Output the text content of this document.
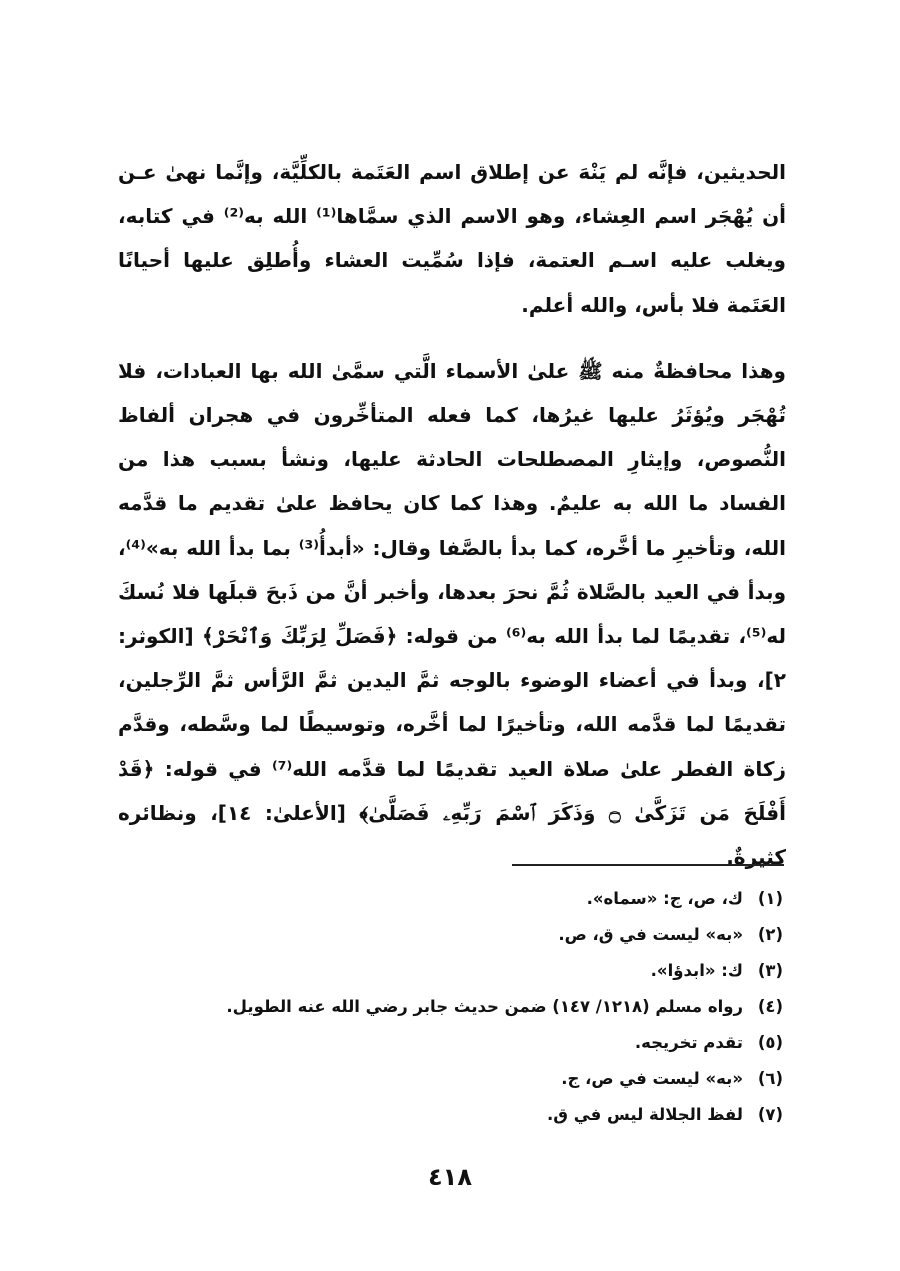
الحديثين، فإنَّه لم يَنْهَ عن إطلاق اسم العَتَمة بالكلِّيَّة، وإنَّما نهىٰ عـن أن يُهْجَر اسم العِشاء، وهو الاسم الذي سمَّاها⁽¹⁾ الله به⁽²⁾ في كتابه، ويغلب عليه اسـم العتمة، فإذا سُمِّيت العشاء وأُطلِق عليها أحيانًا العَتَمة فلا بأس، والله أعلم.

وهذا محافظةٌ منه ﷺ علىٰ الأسماء الَّتي سمَّىٰ الله بها العبادات، فلا تُهْجَر ويُؤثَرُ عليها غيرُها، كما فعله المتأخِّرون في هجران ألفاظ النُّصوص، وإيثارِ المصطلحات الحادثة عليها، ونشأ بسبب هذا من الفساد ما الله به عليمٌ. وهذا كما كان يحافظ علىٰ تقديم ما قدَّمه الله، وتأخيرِ ما أخَّره، كما بدأ بالصَّفا وقال: «أبدأُ⁽³⁾ بما بدأ الله به»⁽⁴⁾، وبدأ في العيد بالصَّلاة ثُمَّ نحرَ بعدها، وأخبر أنَّ من ذَبحَ قبلَها فلا نُسكَ له⁽⁵⁾، تقديمًا لما بدأ الله به⁽⁶⁾ من قوله: ﴿فَصَلِّ لِرَبِّكَ وَٱنْحَرْ﴾ [الكوثر: ٢]، وبدأ في أعضاء الوضوء بالوجه ثمَّ اليدين ثمَّ الرَّأس ثمَّ الرِّجلين، تقديمًا لما قدَّمه الله، وتأخيرًا لما أخَّره، وتوسيطًا لما وسَّطه، وقدَّم زكاة الفطر علىٰ صلاة العيد تقديمًا لما قدَّمه الله⁽⁷⁾ في قوله: ﴿قَدْ أَفْلَحَ مَن تَزَكَّىٰ ۝ وَذَكَرَ ٱسْمَ رَبِّهِۦ فَصَلَّىٰ﴾ [الأعلىٰ: ١٤]، ونظائره كثيرةٌ.

(١)
ك، ص، ج: «سماه».
(٢)
«به» ليست في ق، ص.
(٣)
ك: «ابدؤا».
(٤)
رواه مسلم (١٢١٨/ ١٤٧) ضمن حديث جابر رضي الله عنه الطويل.
(٥)
تقدم تخريجه.
(٦)
«به» ليست في ص، ج.
(٧)
لفظ الجلالة ليس في ق.
٤١٨
